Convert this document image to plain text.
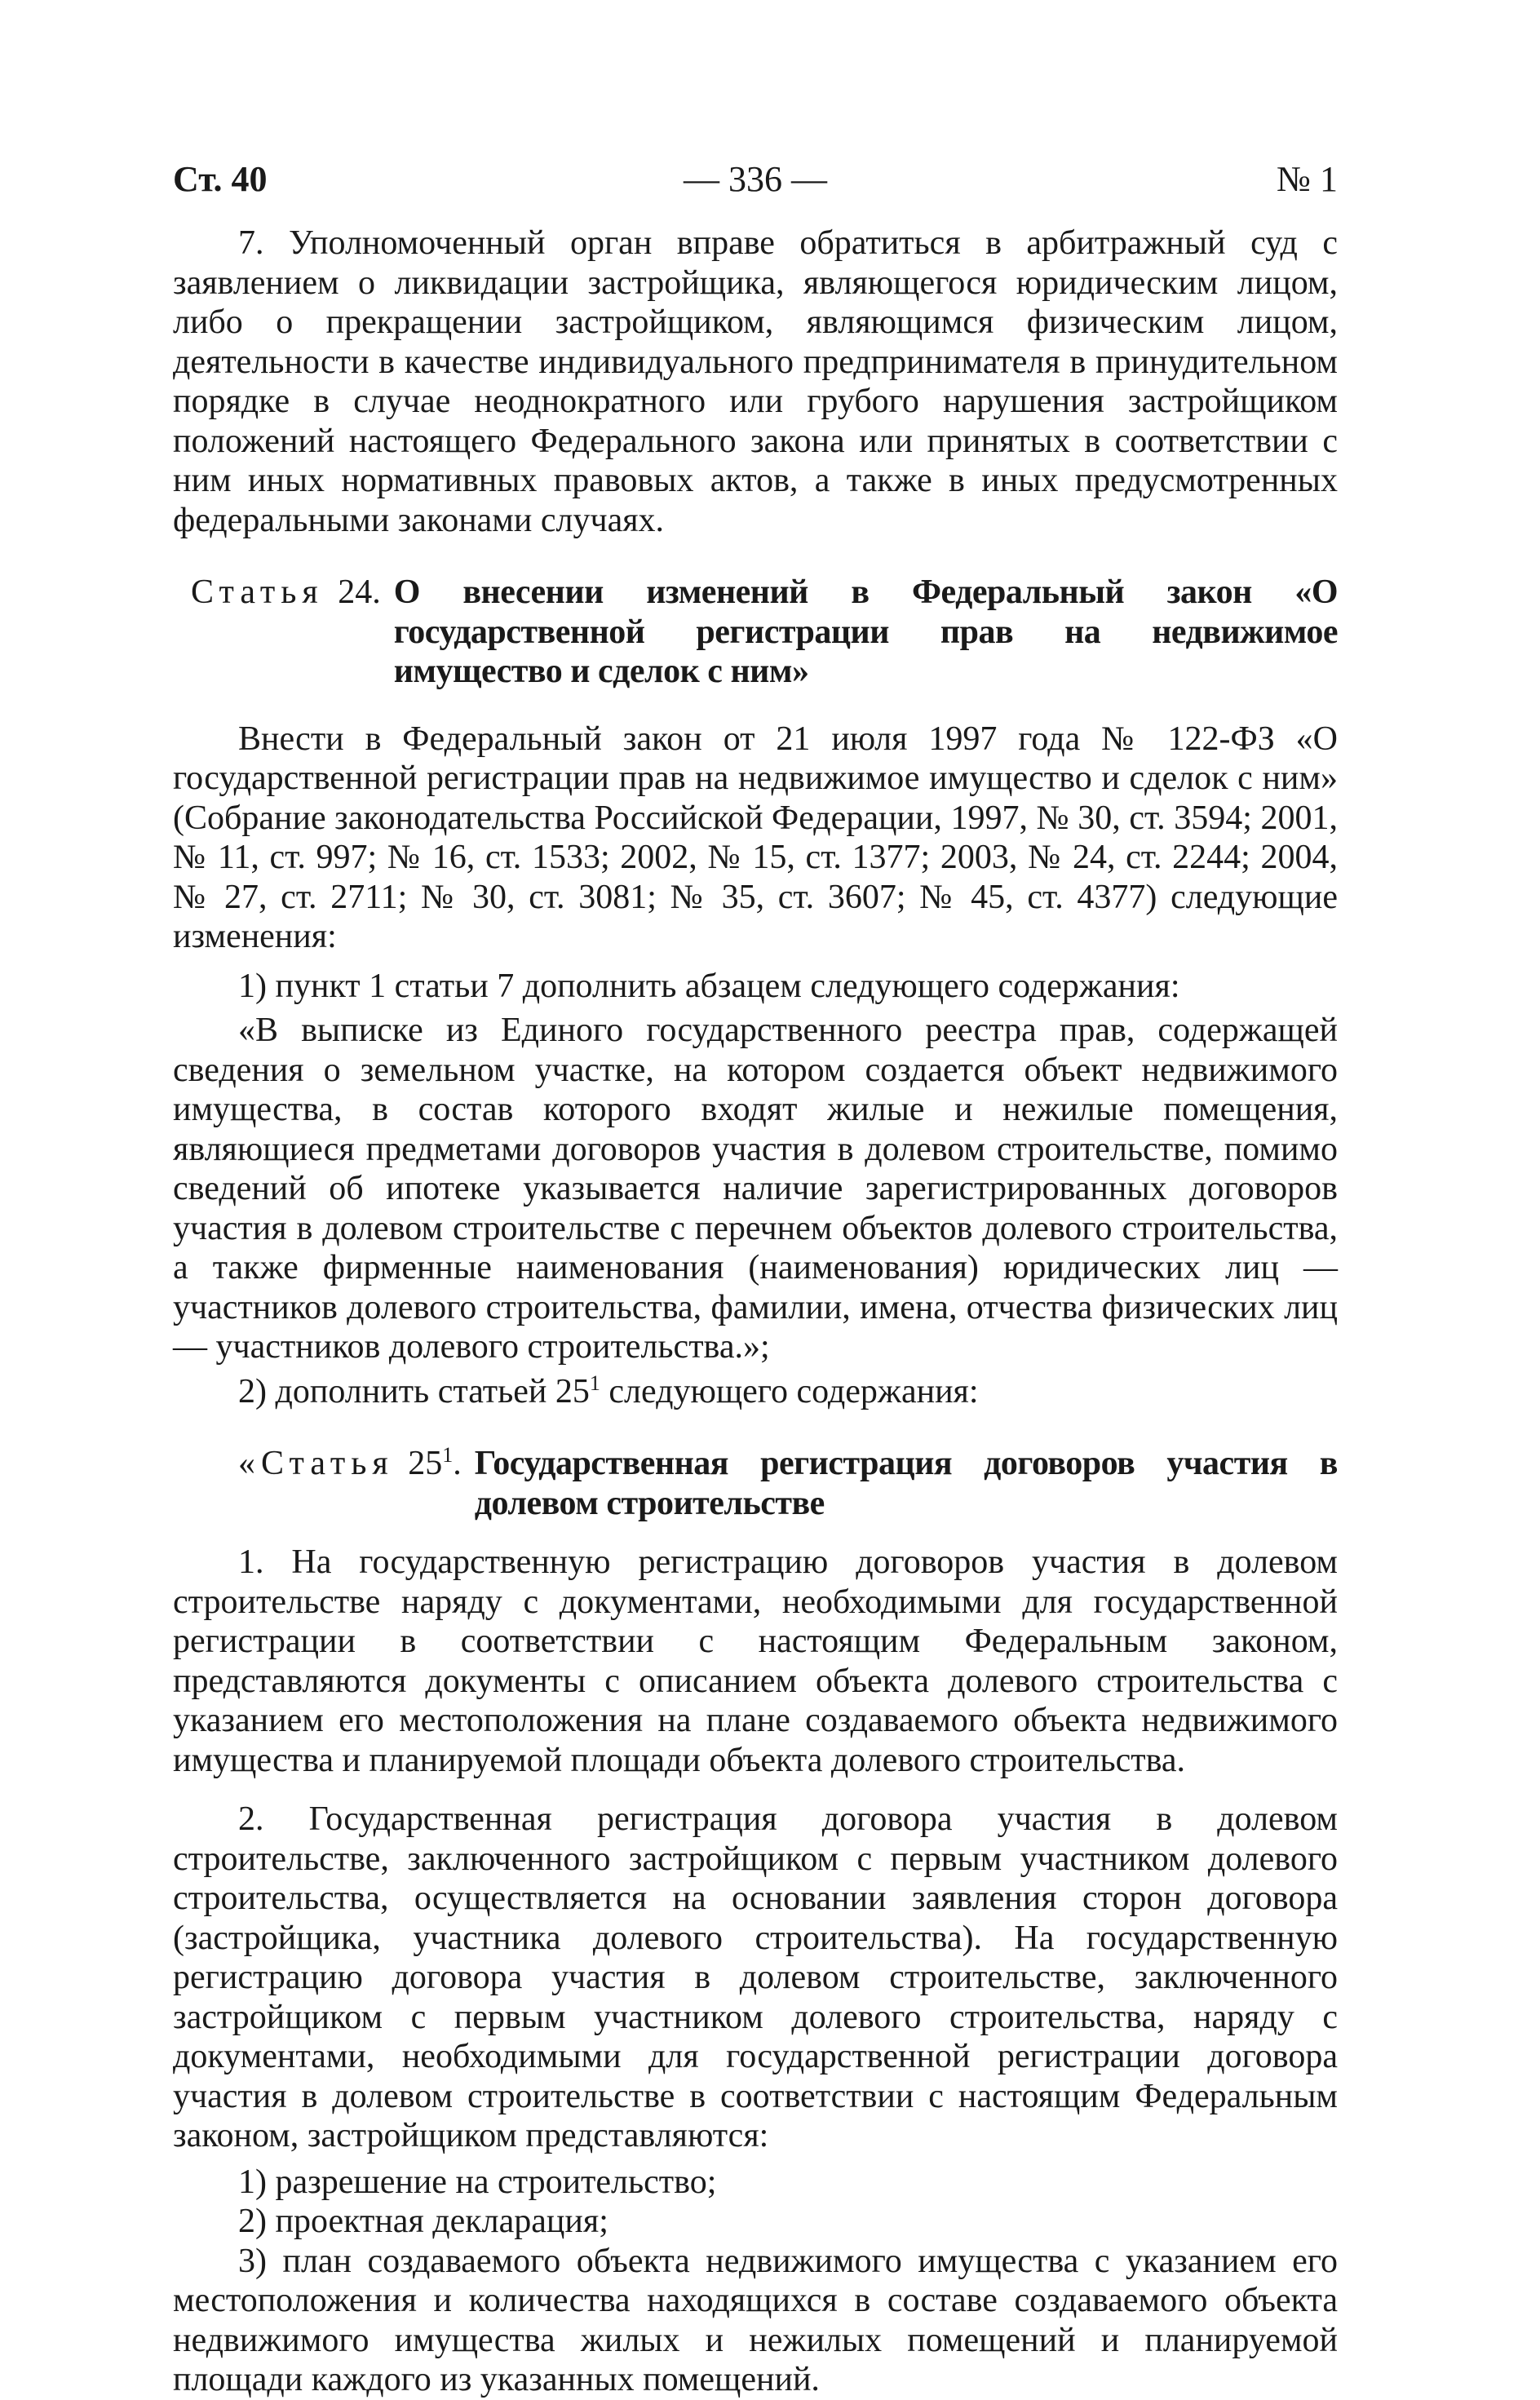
Ст. 40	— 336 —	№ 1

7. Уполномоченный орган вправе обратиться в арбитражный суд с заявлением о ликвидации застройщика, являющегося юридическим лицом, либо о прекращении застройщиком, являющимся физическим лицом, деятельности в качестве индивидуального предпринимателя в принудительном порядке в случае неоднократного или грубого нарушения застройщиком положений настоящего Федерального закона или принятых в соответствии с ним иных нормативных правовых актов, а также в иных предусмотренных федеральными законами случаях.

Статья 24. О внесении изменений в Федеральный закон «О государственной регистрации прав на недвижимое имущество и сделок с ним»

Внести в Федеральный закон от 21 июля 1997 года № 122-ФЗ «О государственной регистрации прав на недвижимое имущество и сделок с ним» (Собрание законодательства Российской Федерации, 1997, № 30, ст. 3594; 2001, № 11, ст. 997; № 16, ст. 1533; 2002, № 15, ст. 1377; 2003, № 24, ст. 2244; 2004, № 27, ст. 2711; № 30, ст. 3081; № 35, ст. 3607; № 45, ст. 4377) следующие изменения:

1) пункт 1 статьи 7 дополнить абзацем следующего содержания:

«В выписке из Единого государственного реестра прав, содержащей сведения о земельном участке, на котором создается объект недвижимого имущества, в состав которого входят жилые и нежилые помещения, являющиеся предметами договоров участия в долевом строительстве, помимо сведений об ипотеке указывается наличие зарегистрированных договоров участия в долевом строительстве с перечнем объектов долевого строительства, а также фирменные наименования (наименования) юридических лиц — участников долевого строительства, фамилии, имена, отчества физических лиц — участников долевого строительства.»;

2) дополнить статьей $25^1$ следующего содержания:

«Статья $25^1$. Государственная регистрация договоров участия в долевом строительстве

1. На государственную регистрацию договоров участия в долевом строительстве наряду с документами, необходимыми для государственной регистрации в соответствии с настоящим Федеральным законом, представляются документы с описанием объекта долевого строительства с указанием его местоположения на плане создаваемого объекта недвижимого имущества и планируемой площади объекта долевого строительства.

2. Государственная регистрация договора участия в долевом строительстве, заключенного застройщиком с первым участником долевого строительства, осуществляется на основании заявления сторон договора (застройщика, участника долевого строительства). На государственную регистрацию договора участия в долевом строительстве, заключенного застройщиком с первым участником долевого строительства, наряду с документами, необходимыми для государственной регистрации договора участия в долевом строительстве в соответствии с настоящим Федеральным законом, застройщиком представляются:

1) разрешение на строительство;

2) проектная декларация;

3) план создаваемого объекта недвижимого имущества с указанием его местоположения и количества находящихся в составе создаваемого объекта недвижимого имущества жилых и нежилых помещений и планируемой площади каждого из указанных помещений.
